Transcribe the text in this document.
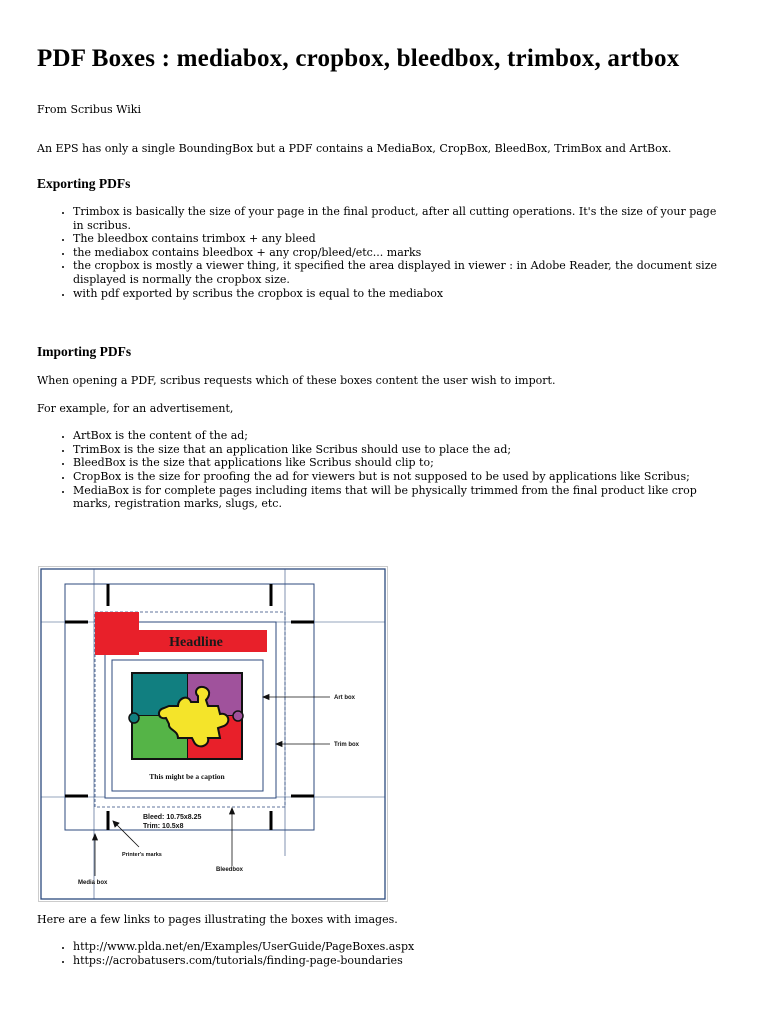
PDF Boxes : mediabox, cropbox, bleedbox, trimbox, artbox

From Scribus Wiki

An EPS has only a single BoundingBox but a PDF contains a MediaBox, CropBox, BleedBox, TrimBox and ArtBox.

Exporting PDFs
• Trimbox is basically the size of your page in the final product, after all cutting operations. It's the size of your page in scribus.
• The bleedbox contains trimbox + any bleed
• the mediabox contains bleedbox + any crop/bleed/etc... marks
• the cropbox is mostly a viewer thing, it specified the area displayed in viewer : in Adobe Reader, the document size displayed is normally the cropbox size.
• with pdf exported by scribus the cropbox is equal to the mediabox
Importing PDFs

When opening a PDF, scribus requests which of these boxes content the user wish to import.

For example, for an advertisement,

• ArtBox is the content of the ad;
• TrimBox is the size that an application like Scribus should use to place the ad;
• BleedBox is the size that applications like Scribus should clip to;
• CropBox is the size for proofing the ad for viewers but is not supposed to be used by applications like Scribus;
• MediaBox is for complete pages including items that will be physically trimmed from the final product like crop marks, registration marks, slugs, etc.
Headline
This might be a caption
Bleed: 10.75x8.25
Trim: 10.5x8
Art box
Trim box
Printer's marks
Bleedbox
Media box

Here are a few links to pages illustrating the boxes with images.

• http://www.plda.net/en/Examples/UserGuide/PageBoxes.aspx
• https://acrobatusers.com/tutorials/finding-page-boundaries
